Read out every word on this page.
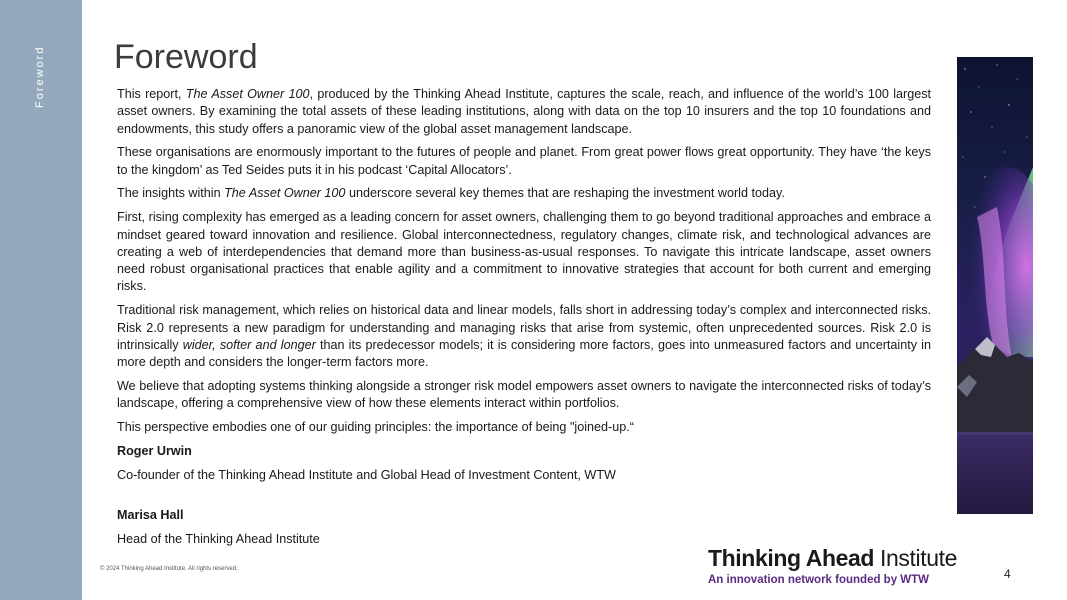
Foreword Foreword

This report, The Asset Owner 100, produced by the Thinking Ahead Institute, captures the scale, reach, and influence of the world’s 100 largest asset owners. By examining the total assets of these leading institutions, along with data on the top 10 insurers and the top 10 foundations and endowments, this study offers a panoramic view of the global asset management landscape.

These organisations are enormously important to the futures of people and planet. From great power flows great opportunity. They have ‘the keys to the kingdom’ as Ted Seides puts it in his podcast ‘Capital Allocators’.

The insights within The Asset Owner 100 underscore several key themes that are reshaping the investment world today.

First, rising complexity has emerged as a leading concern for asset owners, challenging them to go beyond traditional approaches and embrace a mindset geared toward innovation and resilience. Global interconnectedness, regulatory changes, climate risk, and technological advances are creating a web of interdependencies that demand more than business-as-usual responses. To navigate this intricate landscape, asset owners need robust organisational practices that enable agility and a commitment to innovative strategies that account for both current and emerging risks.

Traditional risk management, which relies on historical data and linear models, falls short in addressing today’s complex and interconnected risks. Risk 2.0 represents a new paradigm for understanding and managing risks that arise from systemic, often unprecedented sources. Risk 2.0 is intrinsically wider, softer and longer than its predecessor models; it is considering more factors, goes into unmeasured factors and uncertainty in more depth and considers the longer-term factors more.

We believe that adopting systems thinking alongside a stronger risk model empowers asset owners to navigate the interconnected risks of today’s landscape, offering a comprehensive view of how these elements interact within portfolios.

This perspective embodies one of our guiding principles: the importance of being "joined-up.“

Roger Urwin

Co-founder of the Thinking Ahead Institute and Global Head of Investment Content, WTW

Marisa Hall

Head of the Thinking Ahead Institute

© 2024 Thinking Ahead Institute. All rights reserved.	Thinking Ahead Institute
An innovation network founded by WTW	4
